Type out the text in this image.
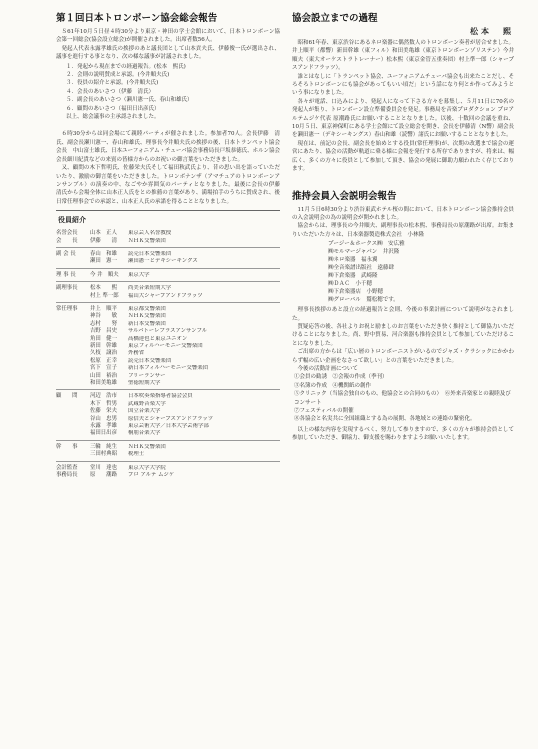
第１回日本トロンボーン協会総会報告

Ｓ61年10月５日昼４時30分より東京・神田の学士会館において、日本トロンボーン協会第一回総会(協会設立総会)が開催されました。出席者数56人。

発起人代表永露孝雄氏の挨拶のあと議長団として山本貢夫氏、伊藤俊一氏が選出され、議事を進行する事となり、次の様な議事が討議されました。

１．発起から現在までの経過報告。(松本　熙氏)
２．会則の説明賛成と承認。(今井順夫氏)
３．役員の紹介と承認。(今井順夫氏)
４．会長のあいさつ（伊藤　清氏）
５．副会長のあいさつ（瀬川憲一氏、春山和雄氏）
６．顧問のあいさつ（福田日出彦氏）
以上、総会議事の主承認されました。

６時30分からは同会場にて親睦パーティが催されました。参加者70人。会長伊藤　清氏、副会長瀬川憲一、春山和雄氏、理事長今井順夫氏の挨拶の後、日本トランペット協会会長　中山富士雄氏、日本ユーフォニアム・チューバ協会事務局長戸坂恭徳氏、ホルン協会会長細川紀貴などの来賓の皆様方からのお祝いの御言葉をいただきました。

又、顧問の木下哲明氏、佐藤栄夫氏そして福田秋武氏より、昔の思い出を語っていただいたり、激励の御言葉をいただきました。トロンボナンザ（アマチュアのトロンボーンアンサンブル）の演奏の中、なごやか雰囲気のパーティとなりました。最後に会長の伊藤　清氏から会場全体に山本正人氏をとの推薦の言葉があり、満場拍手のうちに賛成され、後日常任理事会での承認と、山本正人氏の承諾を得ることとなりました。

役員紹介
名誉会長	山本　正人	東京芸人名誉教授
会　　長	伊藤　　清	ＮＨＫ交響楽団
副 会 長	春山　和雄	読売日本交響楽団
瀬田　憲一	瀬田憲一とデキシーキングス
理 事 長	今 井　順夫	東京大学
副理事長	松本　　熙	尚美音楽短期大学
村上 準一郎	福山大シャープアンドフラッツ
常任理事	井上　順平	東京都交響楽団
神谷　　敏	ＮＨＫ交響楽団
志村　　努	新日本交響楽団
吉野　昌史	サルバトーレブラスアンサンブル
角田　健一	高橋達也と東京ユニオン
新田　幹雄	東京フィルハーモニー交響楽団
久枝　譲治	外務省
松原　正幸	読売日本交響楽団
宮下　宣子	新日本フィルハーモニー交響楽団
山田　裕治	フリーランサー
和田美亀雄	聖徳短期大学
顧　　問	河辺　浩市	日本吹奏楽指導者協会会員
木下　哲男	武蔵野音楽大学
佐藤　栄夫	国立音楽大学
谷山　忠男	原信夫とシャープスアンドフラッツ
永露　孝雄	東京芸術大学／日本大学芸術学部
福田日出彦	桐朋音楽大学
幹　　事	三輪　純生	ＮＨＫ交響楽団
三田村典昭	税理士
会計監査	堂川　達也	東京大学大学院
事務局長	原　　潮路	プロ アルテ ムジケ
協会設立までの過程
松本　熙

昭和61年春、東京渋谷にあるネロ楽器に偶然数人のトロンボーン奏者が居合せました。井上順平（都響）新田幹雄（東フィル）和田美亀雄（東京トロンボーンゾリステン）今井順夫（東大オーケストラトレーナー）松本熙（東京金管五重奏団）村上準一郎（シャープスアンドフラッツ）。

誰とはなしに「トランペット協会、ユーフォニアムチューバ協会も出来たことだし、そろそろトロンボーンにも協会があってもいい頃だ」という話になり何とか作ってみようという事になりました。

各々が電話、口込みにより、発起人になって下さる方々を募集し、５月11日に70名の発起人が集り、トロンボーン設立準備委員会を発足。事務局を音楽プロダクション プロアルテムジケ代表 原潮路氏にお願いすることとなりました。以後、十数回の会議を重ね、10月５日、東京神保町にある学士会館にて設立総会を開き、会長を伊藤清（N響）副会長を瀬田憲一（デキシーキングス）春山和雄（読響）諸氏にお願いすることとなりました。

現在は、前記の会長、副会長を始めとする役員(常任理事)が、次期の改選まで協会の運営にあたり、協会の活動が軌道に乗る様に会報を発行する所存でありますが、将来は、幅広く、多くの方々に役員として参加して頂き、協会の発展に御助力願われたく存じております。

推持会員入会説明会報告

11月５日6時30分より渋谷東武ホテル桜の間において、日本トロンボーン協会推持会員の入会説明会の為の説明会が開かれました。

協会からは、理事長の今井順夫、副理事長の松本熙、事務局長の原潮路が出席。お集まりいただいた方々は、日本楽器製造株式会社　小林隆

プージー＆ホークス㈱　安広雅
㈱モルマージャパン　井沢隆
㈱ネロ楽器　福永翼
㈱全音楽譜出版社　遠藤肆
㈱下倉楽器　武崎隆
㈱ＤＡＣ　小千穂
㈱下倉楽器店　小野穂
㈱グローバル　鷲松穂です。

理事長挨拶のあと設立の経過報告と会則、今後の事業計画について説明がなされました。

質疑応答の後、各社よりお祝と励ましのお言葉をいただき快く推持として御協力いただけることになりました。尚、野中貿易、河合楽器も推持会員として参加していただけることになりました。

ご出席の方からは「広い層のトロンボーニストがいるのでジャズ・クラシックにかかわらず幅の広い企画をなさって欲しい」との言葉をいただきました。

今後の活動計画について

①会員の勧誘　②会報の作成（季刊）
③名簿の作成　④機関紙の創作
⑤クリニック（当協会独自のもの、他協会との合同のもの）　⑥外来音楽家との親睦及びコンサート
⑦フェスティバルの開催
⑧各協会と名実共に全国組織とする為の展開、各地域との連絡の緊密化。

以上の様な内容を実現するべく、努力して参りますので、多くの方々が推持会員として参加していただき、御協力、御支援を賜わりますようお願いいたします。
